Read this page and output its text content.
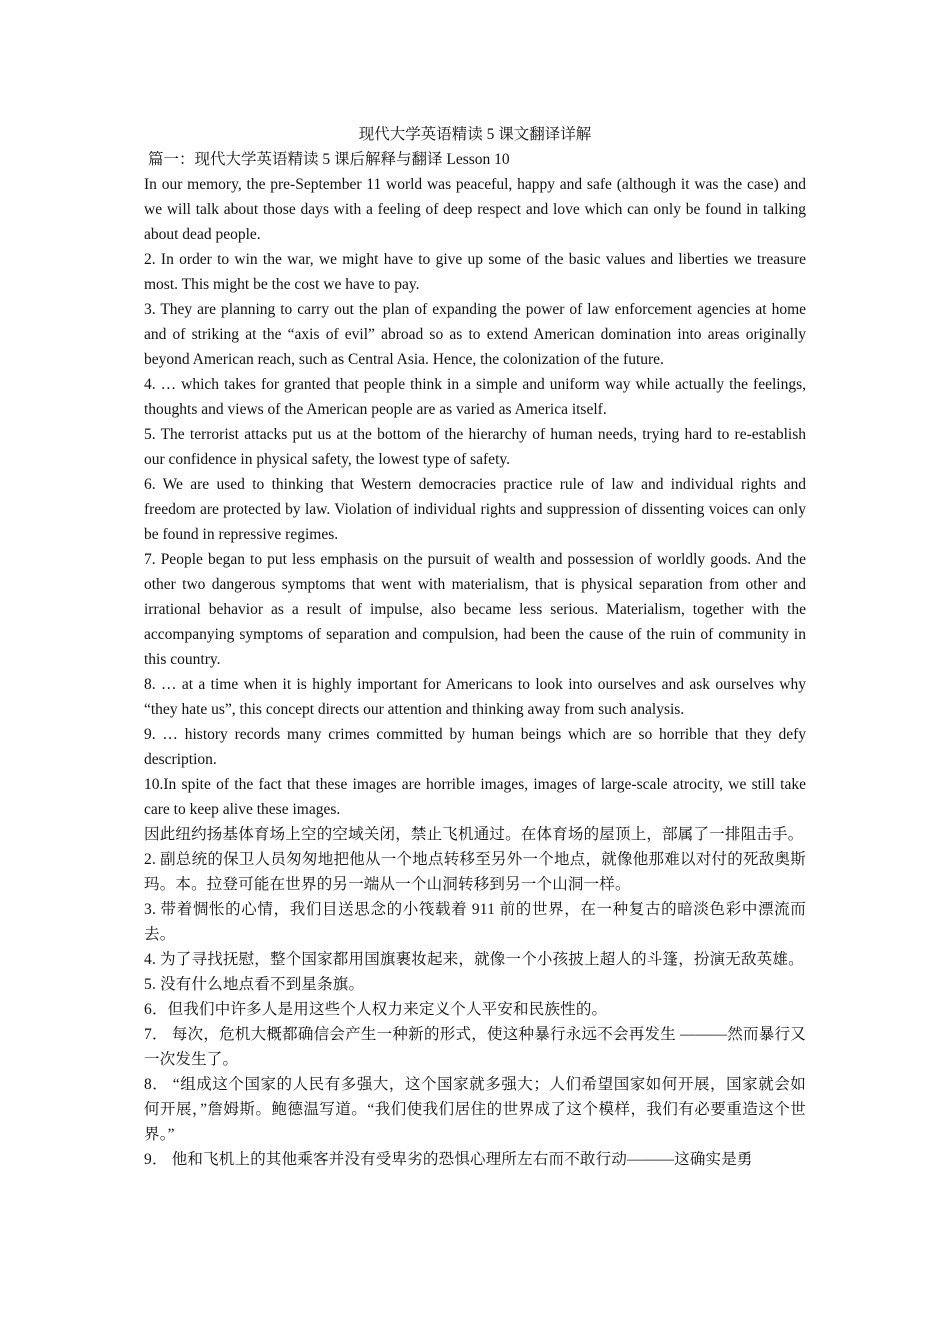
现代大学英语精读 5 课文翻译详解

篇一：现代大学英语精读 5 课后解释与翻译 Lesson 10

In our memory, the pre-September 11 world was peaceful, happy and safe (although it was the case) and we will talk about those days with a feeling of deep respect and love which can only be found in talking about dead people.

2. In order to win the war, we might have to give up some of the basic values and liberties we treasure most. This might be the cost we have to pay.

3. They are planning to carry out the plan of expanding the power of law enforcement agencies at home and of striking at the “axis of evil” abroad so as to extend American domination into areas originally beyond American reach, such as Central Asia. Hence, the colonization of the future.

4. … which takes for granted that people think in a simple and uniform way while actually the feelings, thoughts and views of the American people are as varied as America itself.

5. The terrorist attacks put us at the bottom of the hierarchy of human needs, trying hard to re-establish our confidence in physical safety, the lowest type of safety.

6. We are used to thinking that Western democracies practice rule of law and individual rights and freedom are protected by law. Violation of individual rights and suppression of dissenting voices can only be found in repressive regimes.

7. People began to put less emphasis on the pursuit of wealth and possession of worldly goods. And the other two dangerous symptoms that went with materialism, that is physical separation from other and irrational behavior as a result of impulse, also became less serious. Materialism, together with the accompanying symptoms of separation and compulsion, had been the cause of the ruin of community in this country.

8. … at a time when it is highly important for Americans to look into ourselves and ask ourselves why “they hate us”, this concept directs our attention and thinking away from such analysis.

9. … history records many crimes committed by human beings which are so horrible that they defy description.

10.In spite of the fact that these images are horrible images, images of large-scale atrocity, we still take care to keep alive these images.

因此纽约扬基体育场上空的空域关闭，禁止飞机通过。在体育场的屋顶上，部属了一排阻击手。

2. 副总统的保卫人员匆匆地把他从一个地点转移至另外一个地点，就像他那难以对付的死敌奥斯玛。本。拉登可能在世界的另一端从一个山洞转移到另一个山洞一样。

3. 带着惆怅的心情，我们目送思念的小筏载着 911 前的世界，在一种复古的暗淡色彩中漂流而去。

4. 为了寻找抚慰，整个国家都用国旗裹妆起来，就像一个小孩披上超人的斗篷，扮演无敌英雄。

5. 没有什么地点看不到星条旗。

6．但我们中许多人是用这些个人权力来定义个人平安和民族性的。

7． 每次，危机大概都确信会产生一种新的形式，使这种暴行永远不会再发生 ———然而暴行又一次发生了。

8． “组成这个国家的人民有多强大，这个国家就多强大；人们希望国家如何开展，国家就会如何开展，”詹姆斯。鲍德温写道。“我们使我们居住的世界成了这个模样，我们有必要重造这个世界。”

9． 他和飞机上的其他乘客并没有受卑劣的恐惧心理所左右而不敢行动———这确实是勇
